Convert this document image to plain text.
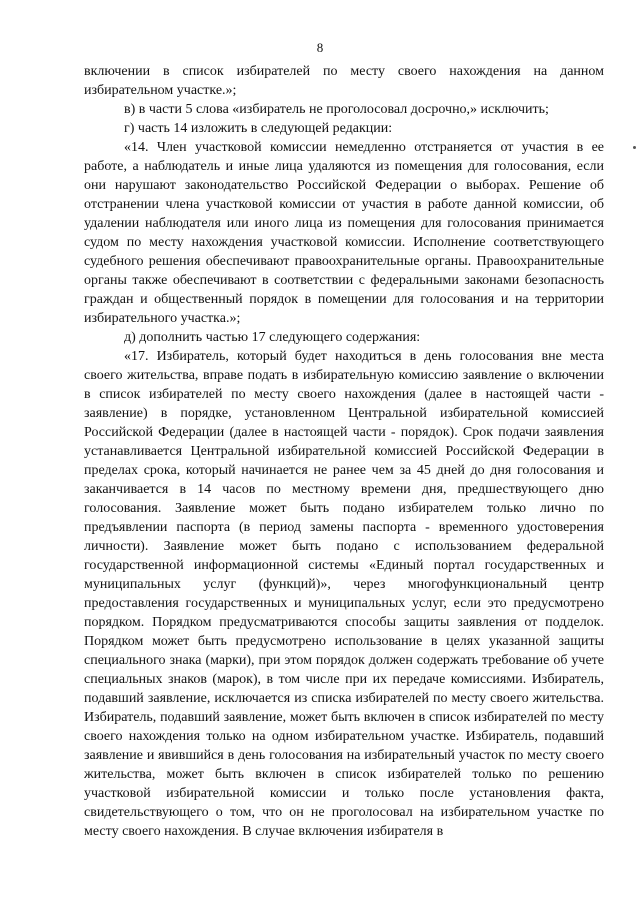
8

включении в список избирателей по месту своего нахождения на данном избирательном участке.»;

в) в части 5 слова «избиратель не проголосовал досрочно,» исключить;

г) часть 14 изложить в следующей редакции:

«14. Член участковой комиссии немедленно отстраняется от участия в ее работе, а наблюдатель и иные лица удаляются из помещения для голосования, если они нарушают законодательство Российской Федерации о выборах. Решение об отстранении члена участковой комиссии от участия в работе данной комиссии, об удалении наблюдателя или иного лица из помещения для голосования принимается судом по месту нахождения участковой комиссии. Исполнение соответствующего судебного решения обеспечивают правоохранительные органы. Правоохранительные органы также обеспечивают в соответствии с федеральными законами безопасность граждан и общественный порядок в помещении для голосования и на территории избирательного участка.»;

д) дополнить частью 17 следующего содержания:

«17. Избиратель, который будет находиться в день голосования вне места своего жительства, вправе подать в избирательную комиссию заявление о включении в список избирателей по месту своего нахождения (далее в настоящей части - заявление) в порядке, установленном Центральной избирательной комиссией Российской Федерации (далее в настоящей части - порядок). Срок подачи заявления устанавливается Центральной избирательной комиссией Российской Федерации в пределах срока, который начинается не ранее чем за 45 дней до дня голосования и заканчивается в 14 часов по местному времени дня, предшествующего дню голосования. Заявление может быть подано избирателем только лично по предъявлении паспорта (в период замены паспорта - временного удостоверения личности). Заявление может быть подано с использованием федеральной государственной информационной системы «Единый портал государственных и муниципальных услуг (функций)», через многофункциональный центр предоставления государственных и муниципальных услуг, если это предусмотрено порядком. Порядком предусматриваются способы защиты заявления от подделок. Порядком может быть предусмотрено использование в целях указанной защиты специального знака (марки), при этом порядок должен содержать требование об учете специальных знаков (марок), в том числе при их передаче комиссиями. Избиратель, подавший заявление, исключается из списка избирателей по месту своего жительства. Избиратель, подавший заявление, может быть включен в список избирателей по месту своего нахождения только на одном избирательном участке. Избиратель, подавший заявление и явившийся в день голосования на избирательный участок по месту своего жительства, может быть включен в список избирателей только по решению участковой избирательной комиссии и только после установления факта, свидетельствующего о том, что он не проголосовал на избирательном участке по месту своего нахождения. В случае включения избирателя в
